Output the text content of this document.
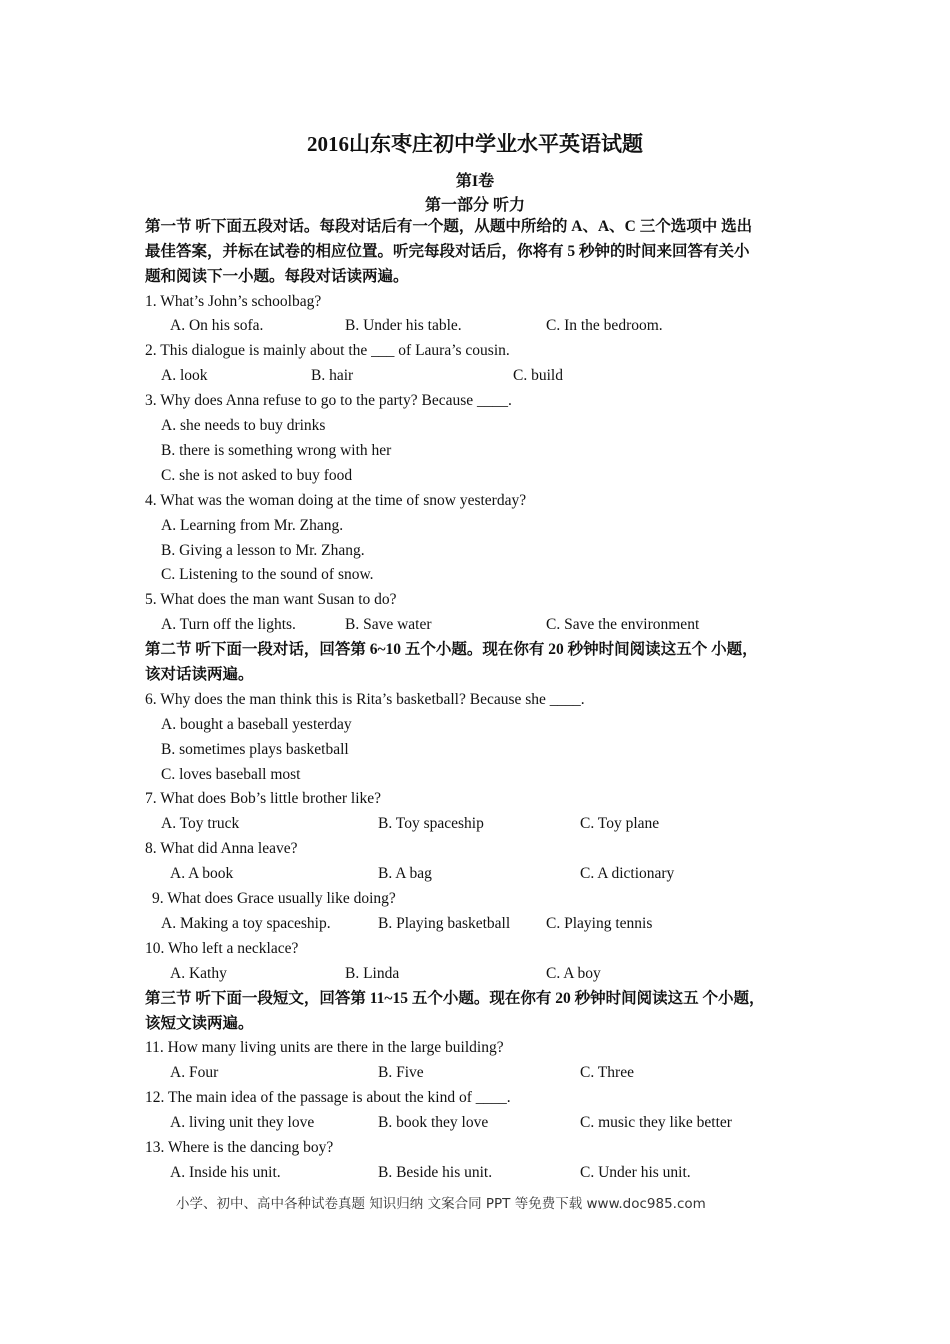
2016山东枣庄初中学业水平英语试题
第I卷
第一部分 听力
第一节 听下面五段对话。每段对话后有一个题，从题中所给的 A、A、C 三个选项中 选出
最佳答案，并标在试卷的相应位置。听完每段对话后，你将有 5 秒钟的时间来回答有关小
题和阅读下一小题。每段对话读两遍。
1. What’s John’s schoolbag?
A. On his sofa.	B. Under his table.	C. In the bedroom.
2. This dialogue is mainly about the ___ of Laura’s cousin.
A. look	B. hair	C. build
3. Why does Anna refuse to go to the party? Because ____.
A. she needs to buy drinks
B. there is something wrong with her
C. she is not asked to buy food
4. What was the woman doing at the time of snow yesterday?
A. Learning from Mr. Zhang.
B. Giving a lesson to Mr. Zhang.
C. Listening to the sound of snow.
5. What does the man want Susan to do?
A. Turn off the lights.	B. Save water	C. Save the environment
第二节 听下面一段对话，回答第 6~10 五个小题。现在你有 20 秒钟时间阅读这五个 小题，
该对话读两遍。
6. Why does the man think this is Rita’s basketball? Because she ____.
A. bought a baseball yesterday
B. sometimes plays basketball
C. loves baseball most
7. What does Bob’s little brother like?
A. Toy truck	B. Toy spaceship	C. Toy plane
8. What did Anna leave?
A. A book	B. A bag	C. A dictionary
9. What does Grace usually like doing?
A. Making a toy spaceship.	B. Playing basketball C. Playing tennis
10. Who left a necklace?
A. Kathy	B. Linda	C. A boy
第三节 听下面一段短文，回答第 11~15 五个小题。现在你有 20 秒钟时间阅读这五 个小题，
该短文读两遍。
11. How many living units are there in the large building?
A. Four	B. Five	C. Three
12. The main idea of the passage is about the kind of ____.
A. living unit they love	B. book they love	C. music they like better
13. Where is the dancing boy?
A. Inside his unit.	B. Beside his unit.	C. Under his unit.
小学、初中、高中各种试卷真题 知识归纳 文案合同 PPT 等免费下载 www.doc985.com
